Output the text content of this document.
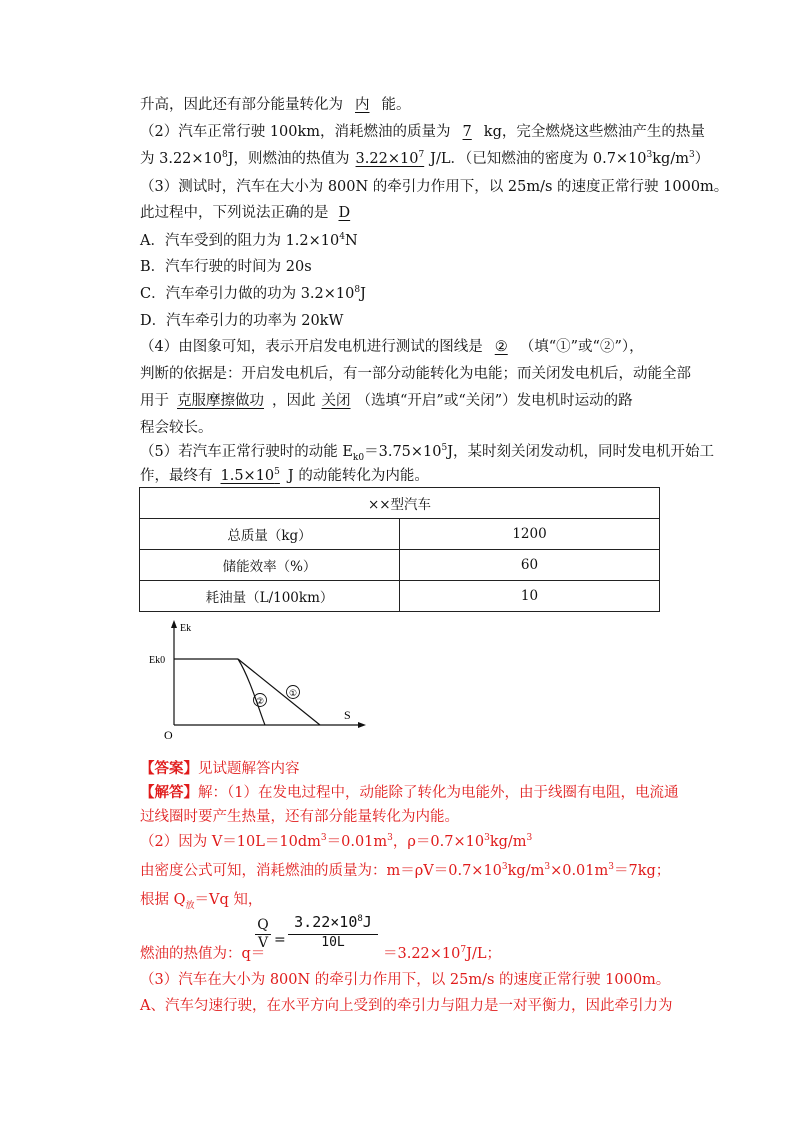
升高，因此还有部分能量转化为 内 能。
（2）汽车正常行驶 100km，消耗燃油的质量为 7 kg，完全燃烧这些燃油产生的热量
为 $3.22\times 10^8J$，则燃油的热值为 $3.22\times 10^7$ J/L．（已知燃油的密度为 $0.7\times 10^3kg/m^3$）
（3）测试时，汽车在大小为 800N 的牵引力作用下，以 25m/s 的速度正常行驶 1000m。
此过程中，下列说法正确的是 D
A．汽车受到的阻力为 $1.2\times 10^4N$
B．汽车行驶的时间为 20s
C．汽车牵引力做的功为 $3.2\times 10^8J$
D．汽车牵引力的功率为 20kW
（4）由图象可知，表示开启发电机进行测试的图线是 ② （填“①”或“②”），
判断的依据是：开启发电机后，有一部分动能转化为电能；而关闭发电机后，动能全部
用于 克服摩擦做功 ，因此 关闭 （选填“开启”或“关闭”）发电机时运动的路
程会较长。
（5）若汽车正常行驶时的动能 $E_{k0}=3.75\times 10^5J$，某时刻关闭发动机，同时发电机开始工
作，最终有 $1.5\times 10^5$ J 的动能转化为内能。
××型汽车	
总质量（kg）	1200
储能效率（%）	60
耗油量（L/100km）	10
①
②
Ek
S
O
Ek0
【答案】见试题解答内容
【解答】解：（1）在发电过程中，动能除了转化为电能外，由于线圈有电阻，电流通
过线圈时要产生热量，还有部分能量转化为内能。
（2）因为 $V=10L=10dm^3=0.01m^3$，$\rho=0.7\times 10^3kg/m^3$
由密度公式可知，消耗燃油的质量为：$m=\rho V=0.7\times 10^3kg/m^3\times 0.01m^3=7kg$；
根据 $Q_放=Vq$ 知，
燃油的热值为：q＝
$\frac{Q}{V} = \frac{3.22\times 10^8J}{10L}$
$=3.22\times 10^7J/L$；
（3）汽车在大小为 800N 的牵引力作用下，以 25m/s 的速度正常行驶 1000m。
A、汽车匀速行驶，在水平方向上受到的牵引力与阻力是一对平衡力，因此牵引力为
